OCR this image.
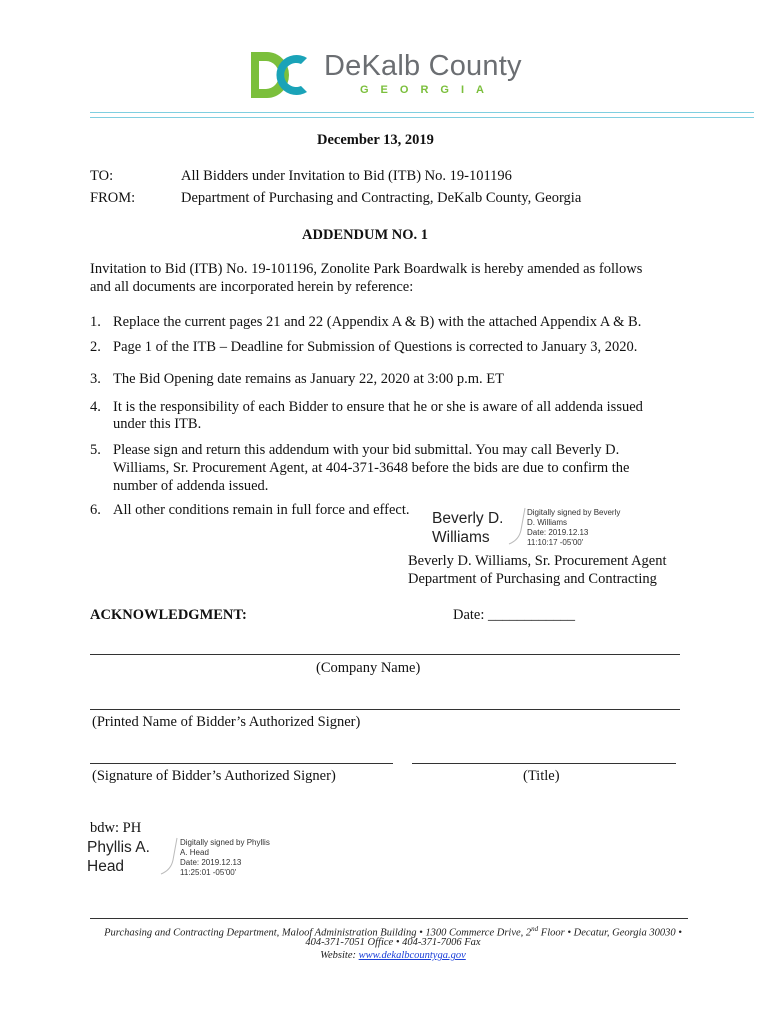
DeKalb County
GEORGIA
December 13, 2019
TO:	All Bidders under Invitation to Bid (ITB) No. 19-101196
FROM:	Department of Purchasing and Contracting, DeKalb County, Georgia
ADDENDUM NO. 1
Invitation to Bid (ITB) No. 19-101196, Zonolite Park Boardwalk is hereby amended as follows
and all documents are incorporated herein by reference:
1. Replace the current pages 21 and 22 (Appendix A & B) with the attached Appendix A & B.
2. Page 1 of the ITB – Deadline for Submission of Questions is corrected to January 3, 2020.
3. The Bid Opening date remains as January 22, 2020 at 3:00 p.m. ET
4. It is the responsibility of each Bidder to ensure that he or she is aware of all addenda issued
under this ITB.
5. Please sign and return this addendum with your bid submittal. You may call Beverly D.
Williams, Sr. Procurement Agent, at 404-371-3648 before the bids are due to confirm the
number of addenda issued.
6. All other conditions remain in full force and effect. Beverly D.
Williams
Digitally signed by Beverly
D. Williams
Date: 2019.12.13
11:10:17 -05'00'
Beverly D. Williams, Sr. Procurement Agent
Department of Purchasing and Contracting
ACKNOWLEDGMENT:	Date: ____________
(Company Name)
(Printed Name of Bidder’s Authorized Signer)
(Signature of Bidder’s Authorized Signer)	(Title)
bdw: PH
Phyllis A.
Head
Digitally signed by Phyllis
A. Head
Date: 2019.12.13
11:25:01 -05'00'
Purchasing and Contracting Department, Maloof Administration Building • 1300 Commerce Drive, 2nd Floor • Decatur, Georgia 30030 •
404-371-7051 Office • 404-371-7006 Fax
Website: www.dekalbcountyga.gov
